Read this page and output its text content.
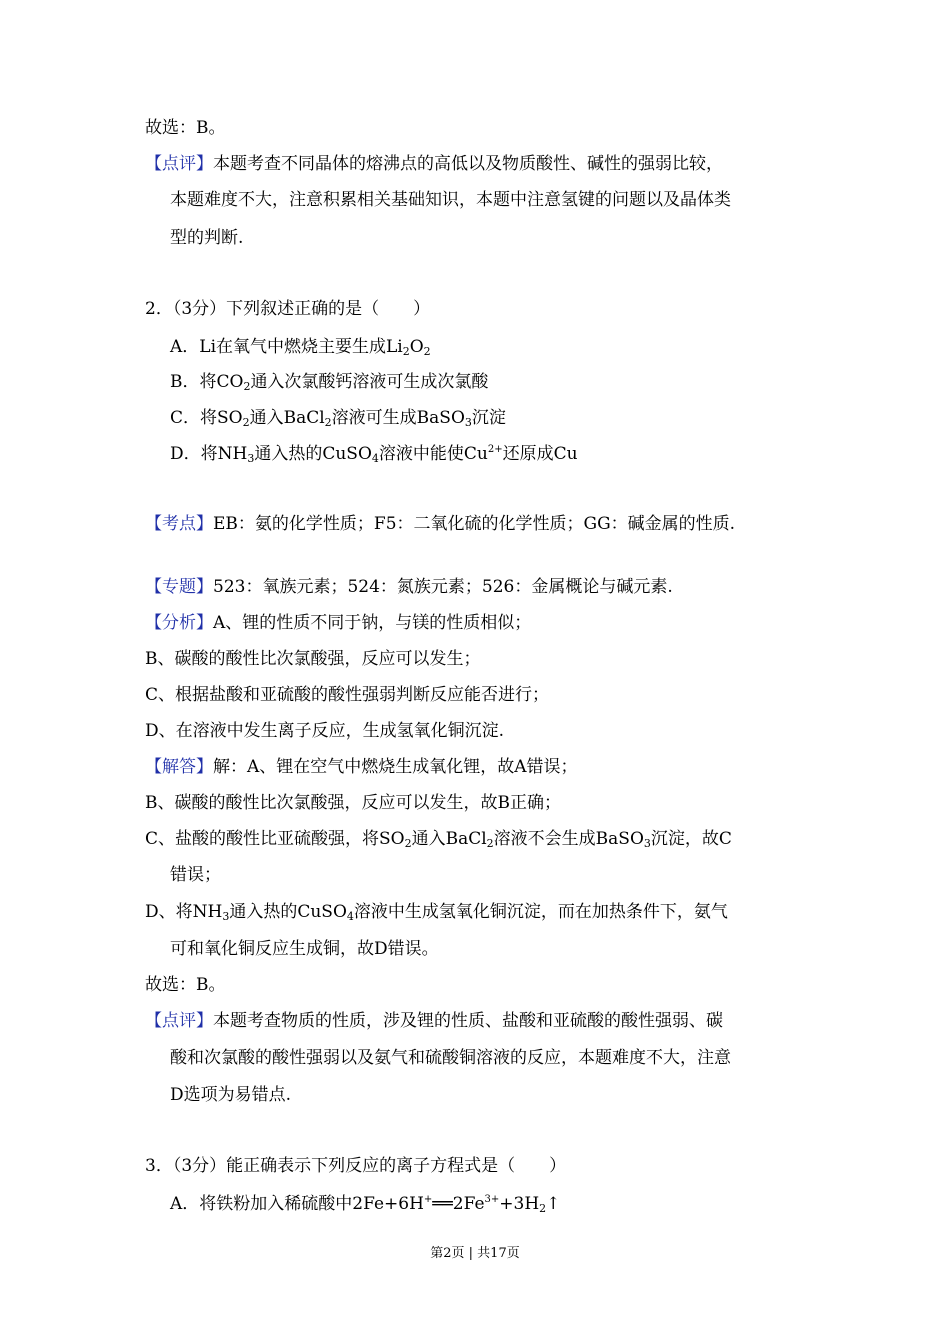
故选：B。
【点评】本题考查不同晶体的熔沸点的高低以及物质酸性、碱性的强弱比较，
本题难度不大，注意积累相关基础知识，本题中注意氢键的问题以及晶体类
型的判断.
2．（3分）下列叙述正确的是（　　）
A．Li在氧气中燃烧主要生成$Li_2O_2$
B．将$CO_2$通入次氯酸钙溶液可生成次氯酸
C．将$SO_2$通入BaCl$_2$溶液可生成BaSO$_3$沉淀
D．将$NH_3$通入热的CuSO$_4$溶液中能使$Cu^{2+}$还原成Cu
【考点】EB：氨的化学性质；F5：二氧化硫的化学性质；GG：碱金属的性质.
【专题】523：氧族元素；524：氮族元素；526：金属概论与碱元素.
【分析】A、锂的性质不同于钠，与镁的性质相似；
B、碳酸的酸性比次氯酸强，反应可以发生；
C、根据盐酸和亚硫酸的酸性强弱判断反应能否进行；
D、在溶液中发生离子反应，生成氢氧化铜沉淀.
【解答】解：A、锂在空气中燃烧生成氧化锂，故A错误；
B、碳酸的酸性比次氯酸强，反应可以发生，故B正确；
C、盐酸的酸性比亚硫酸强，将$SO_2$通入BaCl$_2$溶液不会生成BaSO$_3$沉淀，故C
错误；
D、将$NH_3$通入热的CuSO$_4$溶液中生成氢氧化铜沉淀，而在加热条件下，氨气
可和氧化铜反应生成铜，故D错误。
故选：B。
【点评】本题考查物质的性质，涉及锂的性质、盐酸和亚硫酸的酸性强弱、碳
酸和次氯酸的酸性强弱以及氨气和硫酸铜溶液的反应，本题难度不大，注意
D选项为易错点.
3．（3分）能正确表示下列反应的离子方程式是（　　）
A．将铁粉加入稀硫酸中$2Fe+6H^+══2Fe^{3+}+3H_2↑$
第2页 | 共17页
